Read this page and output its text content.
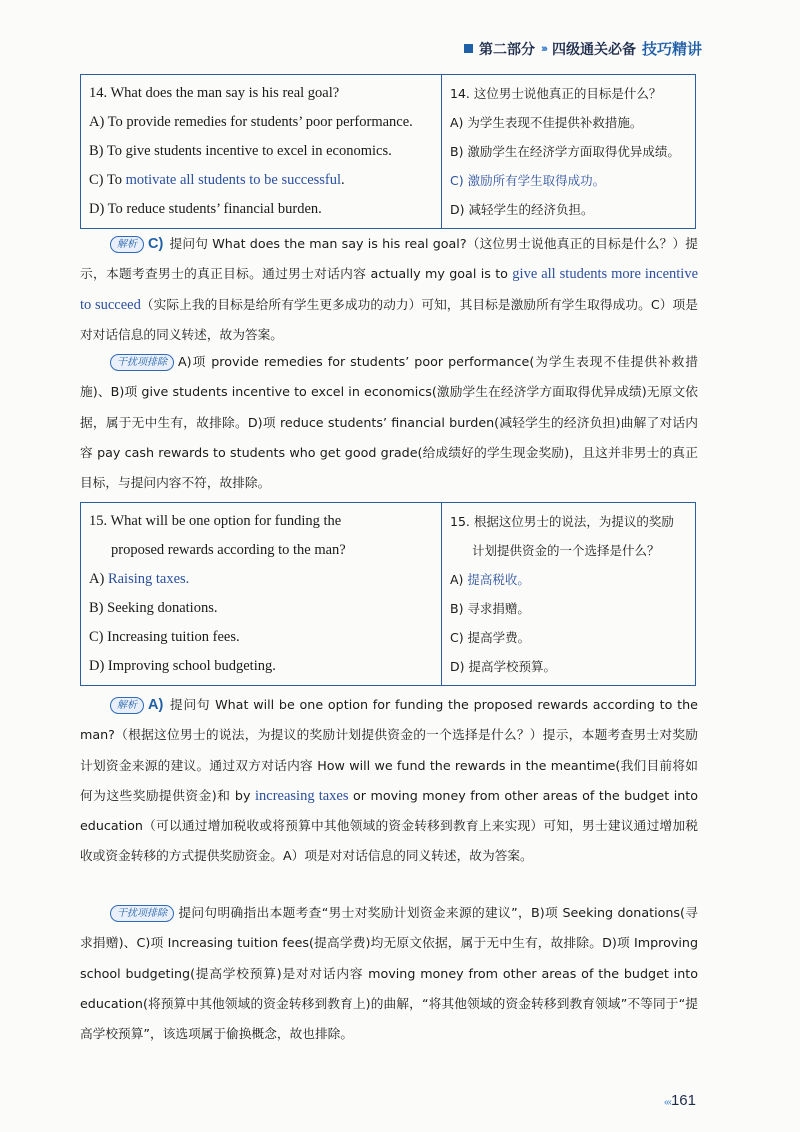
第二部分 ››› 四级通关必备 技巧精讲
14. What does the man say is his real goal?
A) To provide remedies for students’ poor performance.
B) To give students incentive to excel in economics.
C) To motivate all students to be successful.
D) To reduce students’ financial burden.

14. 这位男士说他真正的目标是什么？
A) 为学生表现不佳提供补救措施。
B) 激励学生在经济学方面取得优异成绩。
C) 激励所有学生取得成功。
D) 减轻学生的经济负担。
解析 C) 提问句 What does the man say is his real goal?（这位男士说他真正的目标是什么？）提示，本题考查男士的真正目标。通过男士对话内容 actually my goal is to give all students more incentive to succeed（实际上我的目标是给所有学生更多成功的动力）可知，其目标是激励所有学生取得成功。C）项是对对话信息的同义转述，故为答案。
干扰项排除 A)项 provide remedies for students’ poor performance(为学生表现不佳提供补救措施)、B)项 give students incentive to excel in economics(激励学生在经济学方面取得优异成绩)无原文依据，属于无中生有，故排除。D)项 reduce students’ financial burden(减轻学生的经济负担)曲解了对话内容 pay cash rewards to students who get good grade(给成绩好的学生现金奖励)，且这并非男士的真正目标，与提问内容不符，故排除。
15. What will be one option for funding the
proposed rewards according to the man?
A) Raising taxes.
B) Seeking donations.
C) Increasing tuition fees.
D) Improving school budgeting.

15. 根据这位男士的说法，为提议的奖励
计划提供资金的一个选择是什么？
A) 提高税收。
B) 寻求捐赠。
C) 提高学费。
D) 提高学校预算。
解析 A) 提问句 What will be one option for funding the proposed rewards according to the man?（根据这位男士的说法，为提议的奖励计划提供资金的一个选择是什么？）提示，本题考查男士对奖励计划资金来源的建议。通过双方对话内容 How will we fund the rewards in the meantime(我们目前将如何为这些奖励提供资金)和 by increasing taxes or moving money from other areas of the budget into education（可以通过增加税收或将预算中其他领域的资金转移到教育上来实现）可知，男士建议通过增加税收或资金转移的方式提供奖励资金。A）项是对对话信息的同义转述，故为答案。
干扰项排除 提问句明确指出本题考查“男士对奖励计划资金来源的建议”，B)项 Seeking donations(寻求捐赠)、C)项 Increasing tuition fees(提高学费)均无原文依据，属于无中生有，故排除。D)项 Improving school budgeting(提高学校预算)是对对话内容 moving money from other areas of the budget into education(将预算中其他领域的资金转移到教育上)的曲解，“将其他领域的资金转移到教育领域”不等同于“提高学校预算”，该选项属于偷换概念，故也排除。
‹‹‹161
